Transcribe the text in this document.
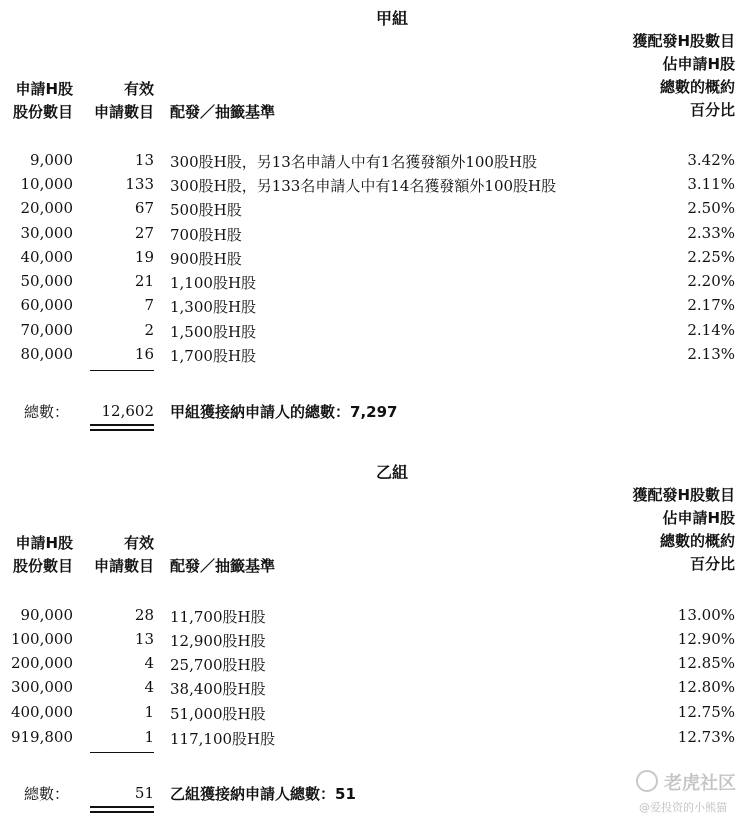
甲組
申請H股
股份數目
有效
申請數目 配發／抽籤基準
獲配發H股數目
佔申請H股
總數的概約
百分比
9,000	13 300股H股，另13名申請人中有1名獲發額外100股H股	3.42%
10,000	133 300股H股，另133名申請人中有14名獲發額外100股H股	3.11%
20,000	67 500股H股	2.50%
30,000	27 700股H股	2.33%
40,000	19 900股H股	2.25%
50,000	21 1,100股H股	2.20%
60,000	7 1,300股H股	2.17%
70,000	2 1,500股H股	2.14%
80,000	16 1,700股H股	2.13%
總數： 12,602 甲組獲接納申請人的總數：7,297
乙組
申請H股
股份數目
有效
申請數目 配發／抽籤基準
獲配發H股數目
佔申請H股
總數的概約
百分比
90,000	28 11,700股H股	13.00%
100,000	13 12,900股H股	12.90%
200,000	4 25,700股H股	12.85%
300,000	4 38,400股H股	12.80%
400,000	1 51,000股H股	12.75%
919,800	1 117,100股H股	12.73%
總數：	51 乙組獲接納申請人總數：51	老虎社区
@爱投资的小熊猫
